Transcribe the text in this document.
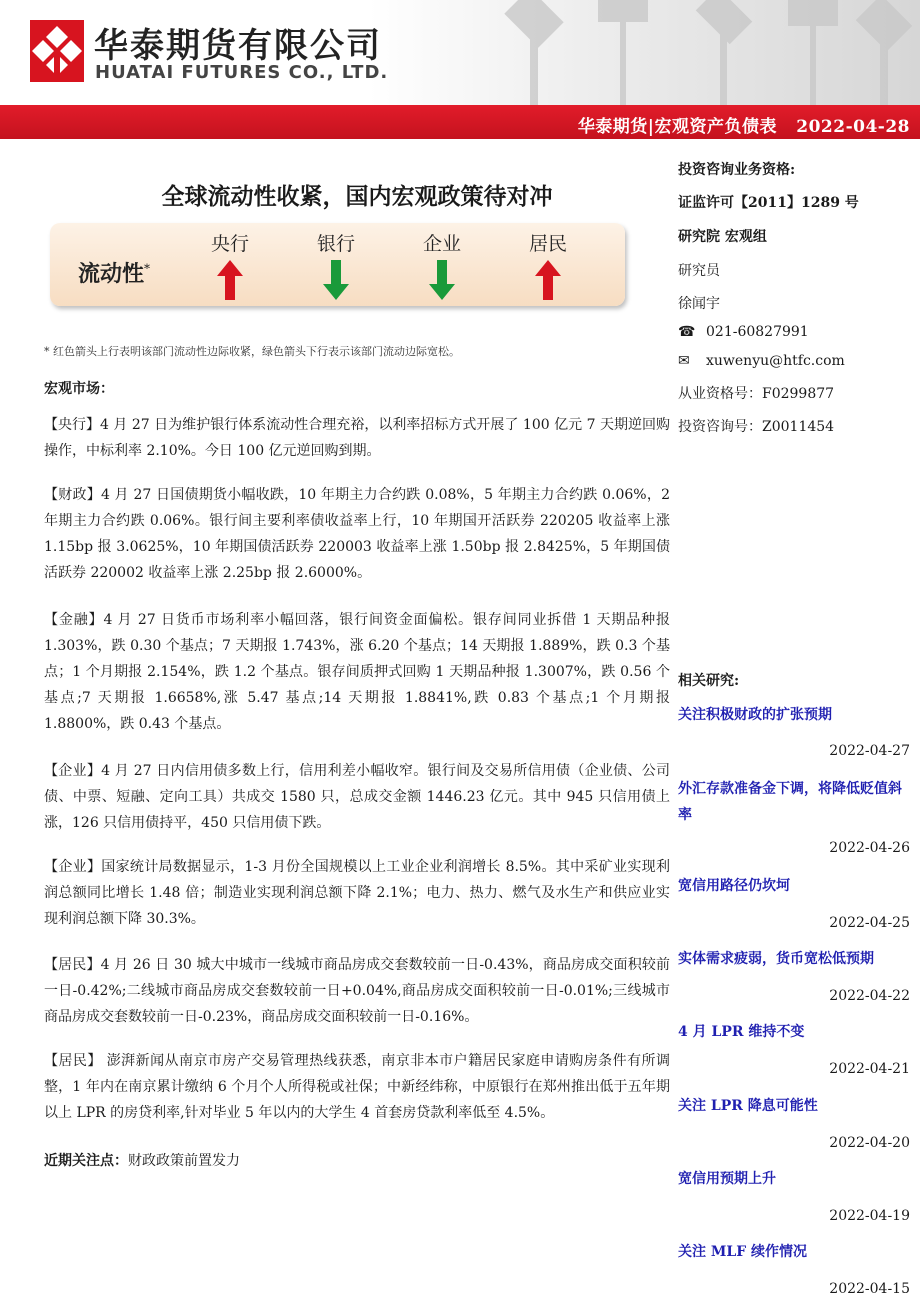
华泰期货有限公司
HUATAI FUTURES CO., LTD.
华泰期货|宏观资产负债表   2022-04-28
全球流动性收紧，国内宏观政策待对冲
流动性*
央行	银行	企业	居民
* 红色箭头上行表明该部门流动性边际收紧，绿色箭头下行表示该部门流动边际宽松。
宏观市场：
【央行】4 月 27 日为维护银行体系流动性合理充裕，以利率招标方式开展了 100 亿元 7 天期逆回购操作，中标利率 2.10%。今日 100 亿元逆回购到期。
【财政】4 月 27 日国债期货小幅收跌，10 年期主力合约跌 0.08%，5 年期主力合约跌 0.06%，2 年期主力合约跌 0.06%。银行间主要利率债收益率上行，10 年期国开活跃券 220205 收益率上涨 1.15bp 报 3.0625%，10 年期国债活跃券 220003 收益率上涨 1.50bp 报 2.8425%，5 年期国债活跃券 220002 收益率上涨 2.25bp 报 2.6000%。
【金融】4 月 27 日货币市场利率小幅回落，银行间资金面偏松。银存间同业拆借 1 天期品种报 1.303%，跌 0.30 个基点；7 天期报 1.743%，涨 6.20 个基点；14 天期报 1.889%，跌 0.3 个基点；1 个月期报 2.154%，跌 1.2 个基点。银存间质押式回购 1 天期品种报 1.3007%，跌 0.56 个基点;7 天期报 1.6658%,涨 5.47 基点;14 天期报 1.8841%,跌 0.83 个基点;1 个月期报 1.8800%，跌 0.43 个基点。
【企业】4 月 27 日内信用债多数上行，信用利差小幅收窄。银行间及交易所信用债（企业债、公司债、中票、短融、定向工具）共成交 1580 只，总成交金额 1446.23 亿元。其中 945 只信用债上涨，126 只信用债持平，450 只信用债下跌。
【企业】国家统计局数据显示，1-3 月份全国规模以上工业企业利润增长 8.5%。其中采矿业实现利润总额同比增长 1.48 倍；制造业实现利润总额下降 2.1%；电力、热力、燃气及水生产和供应业实现利润总额下降 30.3%。
【居民】4 月 26 日 30 城大中城市一线城市商品房成交套数较前一日-0.43%，商品房成交面积较前一日-0.42%;二线城市商品房成交套数较前一日+0.04%,商品房成交面积较前一日-0.01%;三线城市商品房成交套数较前一日-0.23%，商品房成交面积较前一日-0.16%。
【居民】 澎湃新闻从南京市房产交易管理热线获悉，南京非本市户籍居民家庭申请购房条件有所调整，1 年内在南京累计缴纳 6 个月个人所得税或社保；中新经纬称，中原银行在郑州推出低于五年期以上 LPR 的房贷利率,针对毕业 5 年以内的大学生 4 首套房贷款利率低至 4.5%。
近期关注点：财政政策前置发力
投资咨询业务资格:
证监许可【2011】1289 号
研究院 宏观组
研究员
徐闻宇
☎ 021-60827991
✉ xuwenyu@htfc.com
从业资格号：F0299877
投资咨询号：Z0011454
相关研究:
关注积极财政的扩张预期
2022-04-27
外汇存款准备金下调，将降低贬值斜率
2022-04-26
宽信用路径仍坎坷
2022-04-25
实体需求疲弱，货币宽松低预期
2022-04-22
4 月 LPR 维持不变
2022-04-21
关注 LPR 降息可能性
2022-04-20
宽信用预期上升
2022-04-19
关注 MLF 续作情况
2022-04-15
